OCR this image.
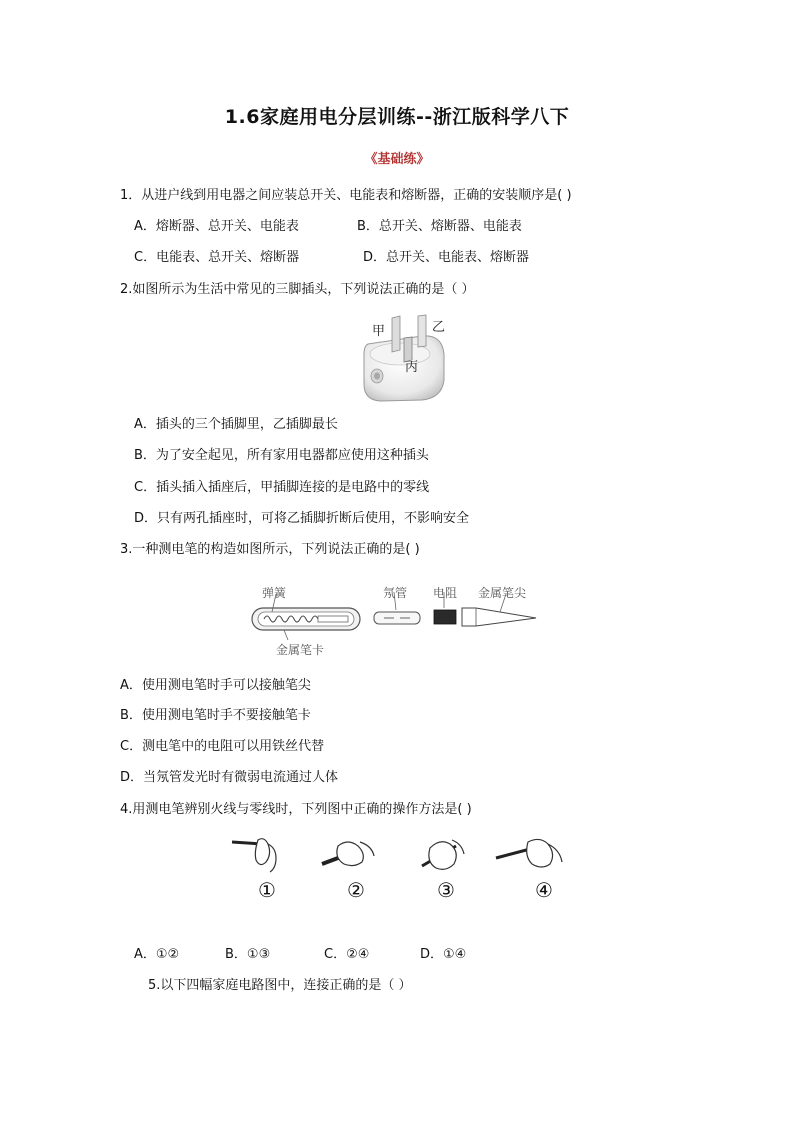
1.6家庭用电分层训练--浙江版科学八下
《基础练》
1．从进户线到用电器之间应装总开关、电能表和熔断器，正确的安装顺序是( )
A．熔断器、总开关、电能表	B．总开关、熔断器、电能表
C．电能表、总开关、熔断器	D．总开关、电能表、熔断器
2.如图所示为生活中常见的三脚插头，下列说法正确的是（ ）
甲	乙
丙
A．插头的三个插脚里，乙插脚最长
B．为了安全起见，所有家用电器都应使用这种插头
C．插头插入插座后，甲插脚连接的是电路中的零线
D．只有两孔插座时，可将乙插脚折断后使用，不影响安全
3.一种测电笔的构造如图所示，下列说法正确的是( )
弹簧	氖管 电阻 金属笔尖
金属笔卡
A．使用测电笔时手可以接触笔尖
B．使用测电笔时手不要接触笔卡
C．测电笔中的电阻可以用铁丝代替
D．当氖管发光时有微弱电流通过人体
4.用测电笔辨别火线与零线时，下列图中正确的操作方法是( )
①	②	③	④
A．①②	B．①③	C．②④	D．①④
5.以下四幅家庭电路图中，连接正确的是（ ）
